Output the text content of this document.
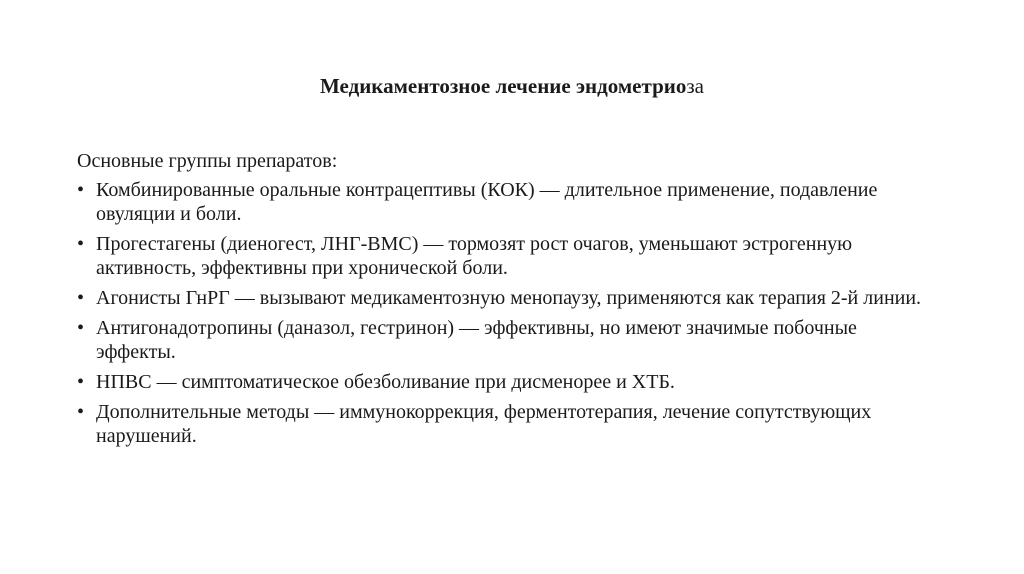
Медикаментозное лечение эндометриоза

Основные группы препаратов:

• Комбинированные оральные контрацептивы (КОК) — длительное применение, подавление овуляции и боли.
• Прогестагены (диеногест, ЛНГ-ВМС) — тормозят рост очагов, уменьшают эстрогенную активность, эффективны при хронической боли.
• Агонисты ГнРГ — вызывают медикаментозную менопаузу, применяются как терапия 2-й линии.
• Антигонадотропины (даназол, гестринон) — эффективны, но имеют значимые побочные эффекты.
• НПВС — симптоматическое обезболивание при дисменорее и ХТБ.
• Дополнительные методы — иммунокоррекция, ферментотерапия, лечение сопутствующих нарушений.
